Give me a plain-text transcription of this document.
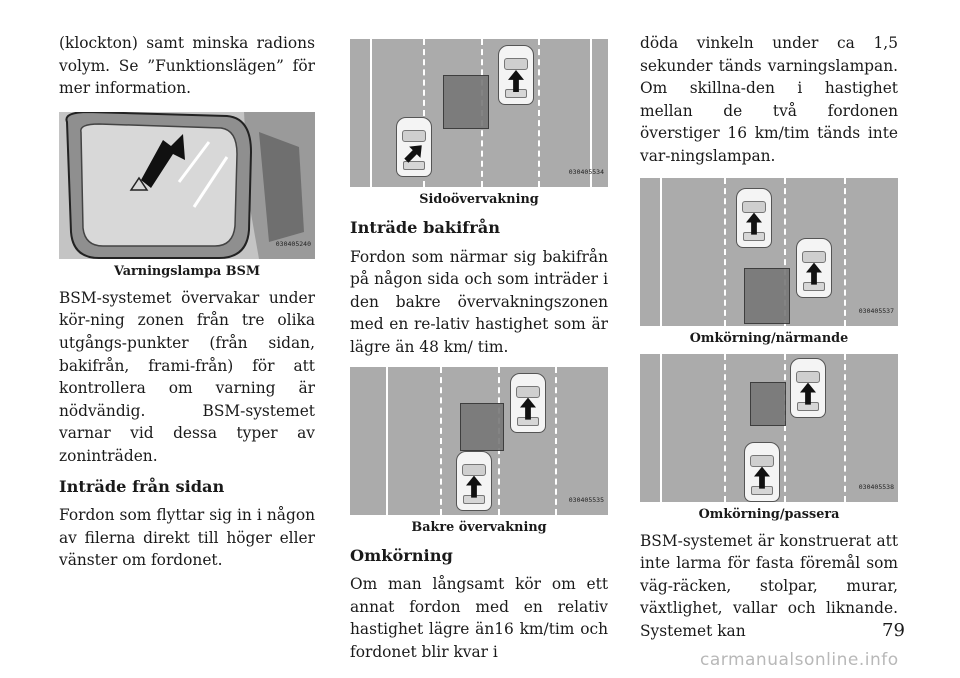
(klockton) samt minska radions volym. Se ”Funktionslägen” för mer information.

030405240
Varningslampa BSM

BSM-systemet övervakar under kör-ning zonen från tre olika utgångs-punkter (från sidan, bakifrån, frami-från) för att kontrollera om varning är nödvändig. BSM-systemet varnar vid dessa typer av zoninträden.

Inträde från sidan

Fordon som flyttar sig in i någon av filerna direkt till höger eller vänster om fordonet.

030405534
Sidoövervakning
Inträde bakifrån

Fordon som närmar sig bakifrån på någon sida och som inträder i den bakre övervakningszonen med en re-lativ hastighet som är lägre än 48 km/ tim.

030405535
Bakre övervakning
Omkörning

Om man långsamt kör om ett annat fordon med en relativ hastighet lägre än16 km/tim och fordonet blir kvar i

döda vinkeln under ca 1,5 sekunder tänds varningslampan. Om skillna-den i hastighet mellan de två fordonen överstiger 16 km/tim tänds inte var-ningslampan.

030405537
Omkörning/närmande
030405538
Omkörning/passera

BSM-systemet är konstruerat att inte larma för fasta föremål som väg-räcken, stolpar, murar, växtlighet, vallar och liknande. Systemet kan	79
carmanualsonline.info
